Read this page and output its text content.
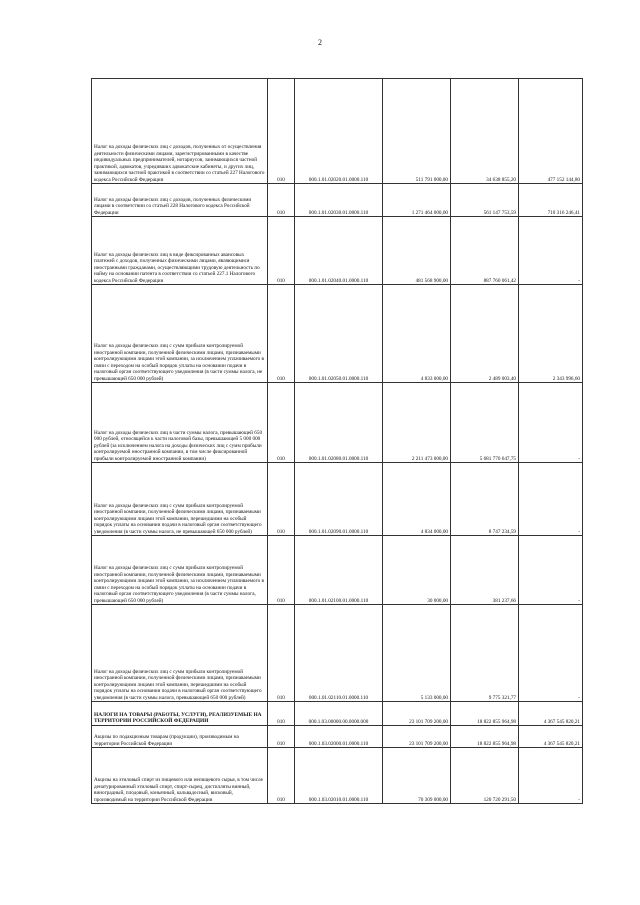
2
Налог на доходы физических лиц с доходов, полученных от осуществления деятельности физическими лицами, зарегистрированными в качестве индивидуальных предпринимателей, нотариусов, занимающихся частной практикой, адвокатов, учредивших адвокатские кабинеты, и других лиц, занимающихся частной практикой в соответствии со статьей 227 Налогового кодекса Российской Федерации	010	000.1.01.02020.01.0000.110	511 791 000,00	34 638 855,20	477 152 144,80
Налог на доходы физических лиц с доходов, полученных физическими лицами в соответствии со статьей 228 Налогового кодекса Российской Федерации	010	000.1.01.02030.01.0000.110	1 271 464 000,00	561 147 753,59	710 316 246,41
Налог на доходы физических лиц в виде фиксированных авансовых платежей с доходов, полученных физическими лицами, являющимися иностранными гражданами, осуществляющими трудовую деятельность по найму на основании патента в соответствии со статьей 227.1 Налогового кодекса Российской Федерации	010	000.1.01.02040.01.0000.110	481 568 900,00	887 760 061,42	-
Налог на доходы физических лиц с сумм прибыли контролируемой иностранной компании, полученной физическими лицами, признаваемыми контролирующими лицами этой компании, за исключением уплачиваемого в связи с переходом на особый порядок уплаты на основании подачи в налоговый орган соответствующего уведомления (в части суммы налога, не превышающей 650 000 рублей)	010	000.1.01.02050.01.0000.110	4 833 000,00	2 489 003,40	2 343 996,60
Налог на доходы физических лиц в части суммы налога, превышающей 650 000 рублей, относящейся к части налоговой базы, превышающей 5 000 000 рублей (за исключением налога на доходы физических лиц с сумм прибыли контролируемой иностранной компании, в том числе фиксированной прибыли контролируемой иностранной компании)	010	000.1.01.02080.01.0000.110	2 211 473 000,00	5 681 770 647,75	-
Налог на доходы физических лиц с сумм прибыли контролируемой иностранной компании, полученной физическими лицами, признаваемыми контролирующими лицами этой компании, перешедшими на особый порядок уплаты на основании подачи в налоговый орган соответствующего уведомления (в части суммы налога, не превышающей 650 000 рублей)	010	000.1.01.02090.01.0000.110	4 834 000,00	8 747 234,59	-
Налог на доходы физических лиц с сумм прибыли контролируемой иностранной компании, полученной физическими лицами, признаваемыми контролирующими лицами этой компании, за исключением уплачиваемого в связи с переходом на особый порядок уплаты на основании подачи в налоговый орган соответствующего уведомления (в части суммы налога, превышающей 650 000 рублей)	010	000.1.01.02100.01.0000.110	30 000,00	381 237,66	-
Налог на доходы физических лиц с сумм прибыли контролируемой иностранной компании, полученной физическими лицами, признаваемыми контролирующими лицами этой компании, перешедшими на особый порядок уплаты на основании подачи в налоговый орган соответствующего уведомления (в части суммы налога, превышающей 650 000 рублей)	010	000.1.01.02110.01.0000.110	5 133 000,00	9 775 321,77	-
НАЛОГИ НА ТОВАРЫ (РАБОТЫ, УСЛУГИ), РЕАЛИЗУЕМЫЕ НА ТЕРРИТОРИИ РОССИЙСКОЙ ФЕДЕРАЦИИ	010	000.1.03.00000.00.0000.000	23 101 709 200,00	18 822 855 964,98	4 367 545 820,21
Акцизы по подакцизным товарам (продукции), производимым на территории Российской Федерации	010	000.1.03.02000.01.0000.110	23 101 709 200,00	18 822 855 964,98	4 367 545 820,21
Акцизы на этиловый спирт из пищевого или непищевого сырья, в том числе денатурированный этиловый спирт, спирт-сырец, дистилляты винный, виноградный, плодовый, коньячный, кальвадосный, висковый, производимый на территории Российской Федерации	010	000.1.03.02010.01.0000.110	70 309 000,00	120 720 291,50	-
